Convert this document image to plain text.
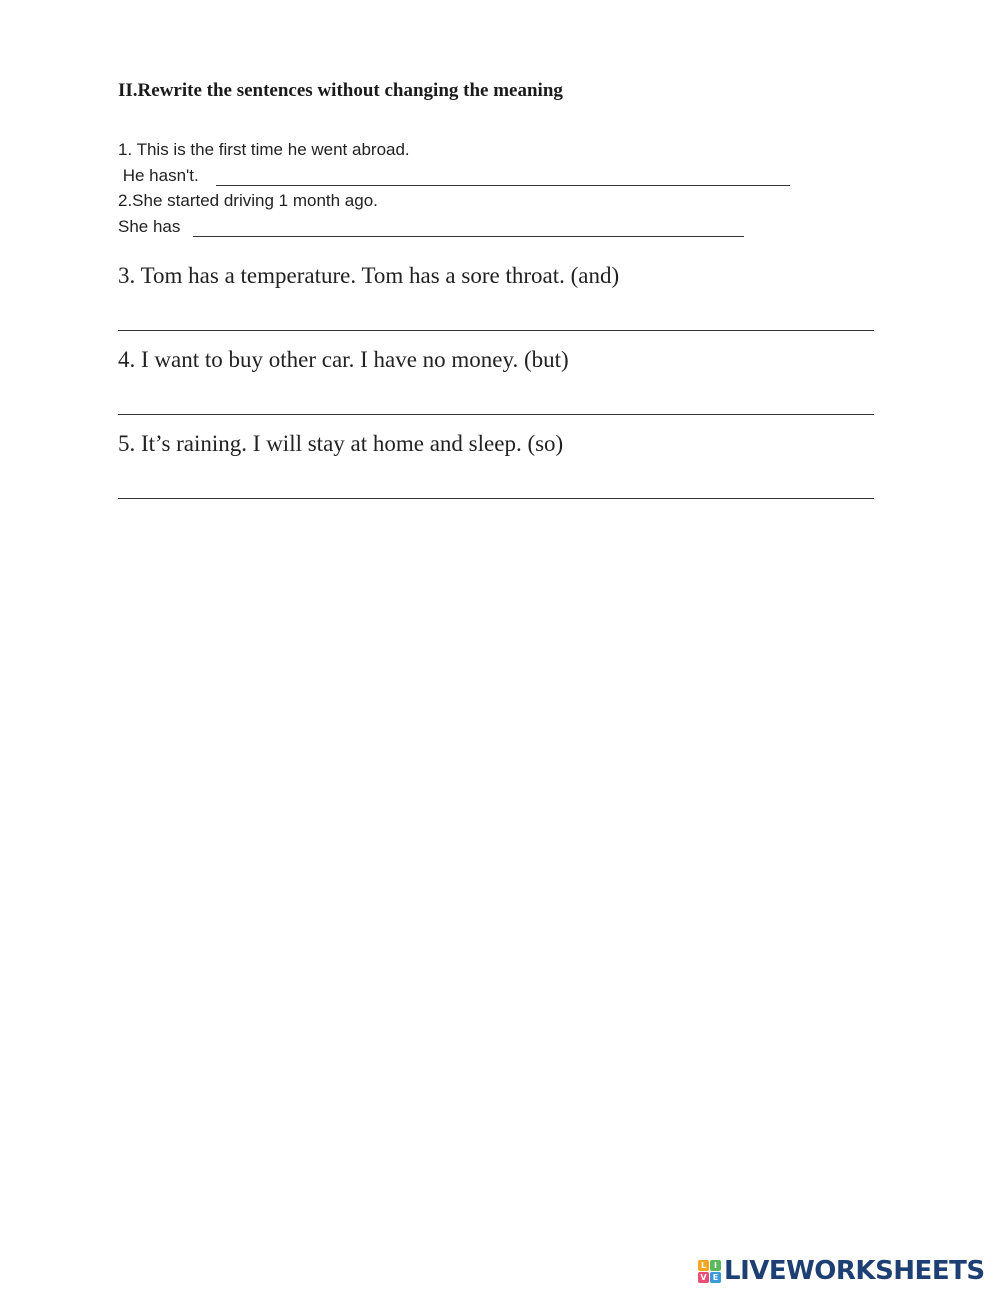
II.Rewrite the sentences without changing the meaning
1. This is the first time he went abroad.
He hasn't.
2.She started driving 1 month ago.
She has
3. Tom has a temperature. Tom has a sore throat. (and)
4. I want to buy other car. I have no money. (but)
5. It’s raining. I will stay at home and sleep. (so)
L I
V E LIVEWORKSHEETS
